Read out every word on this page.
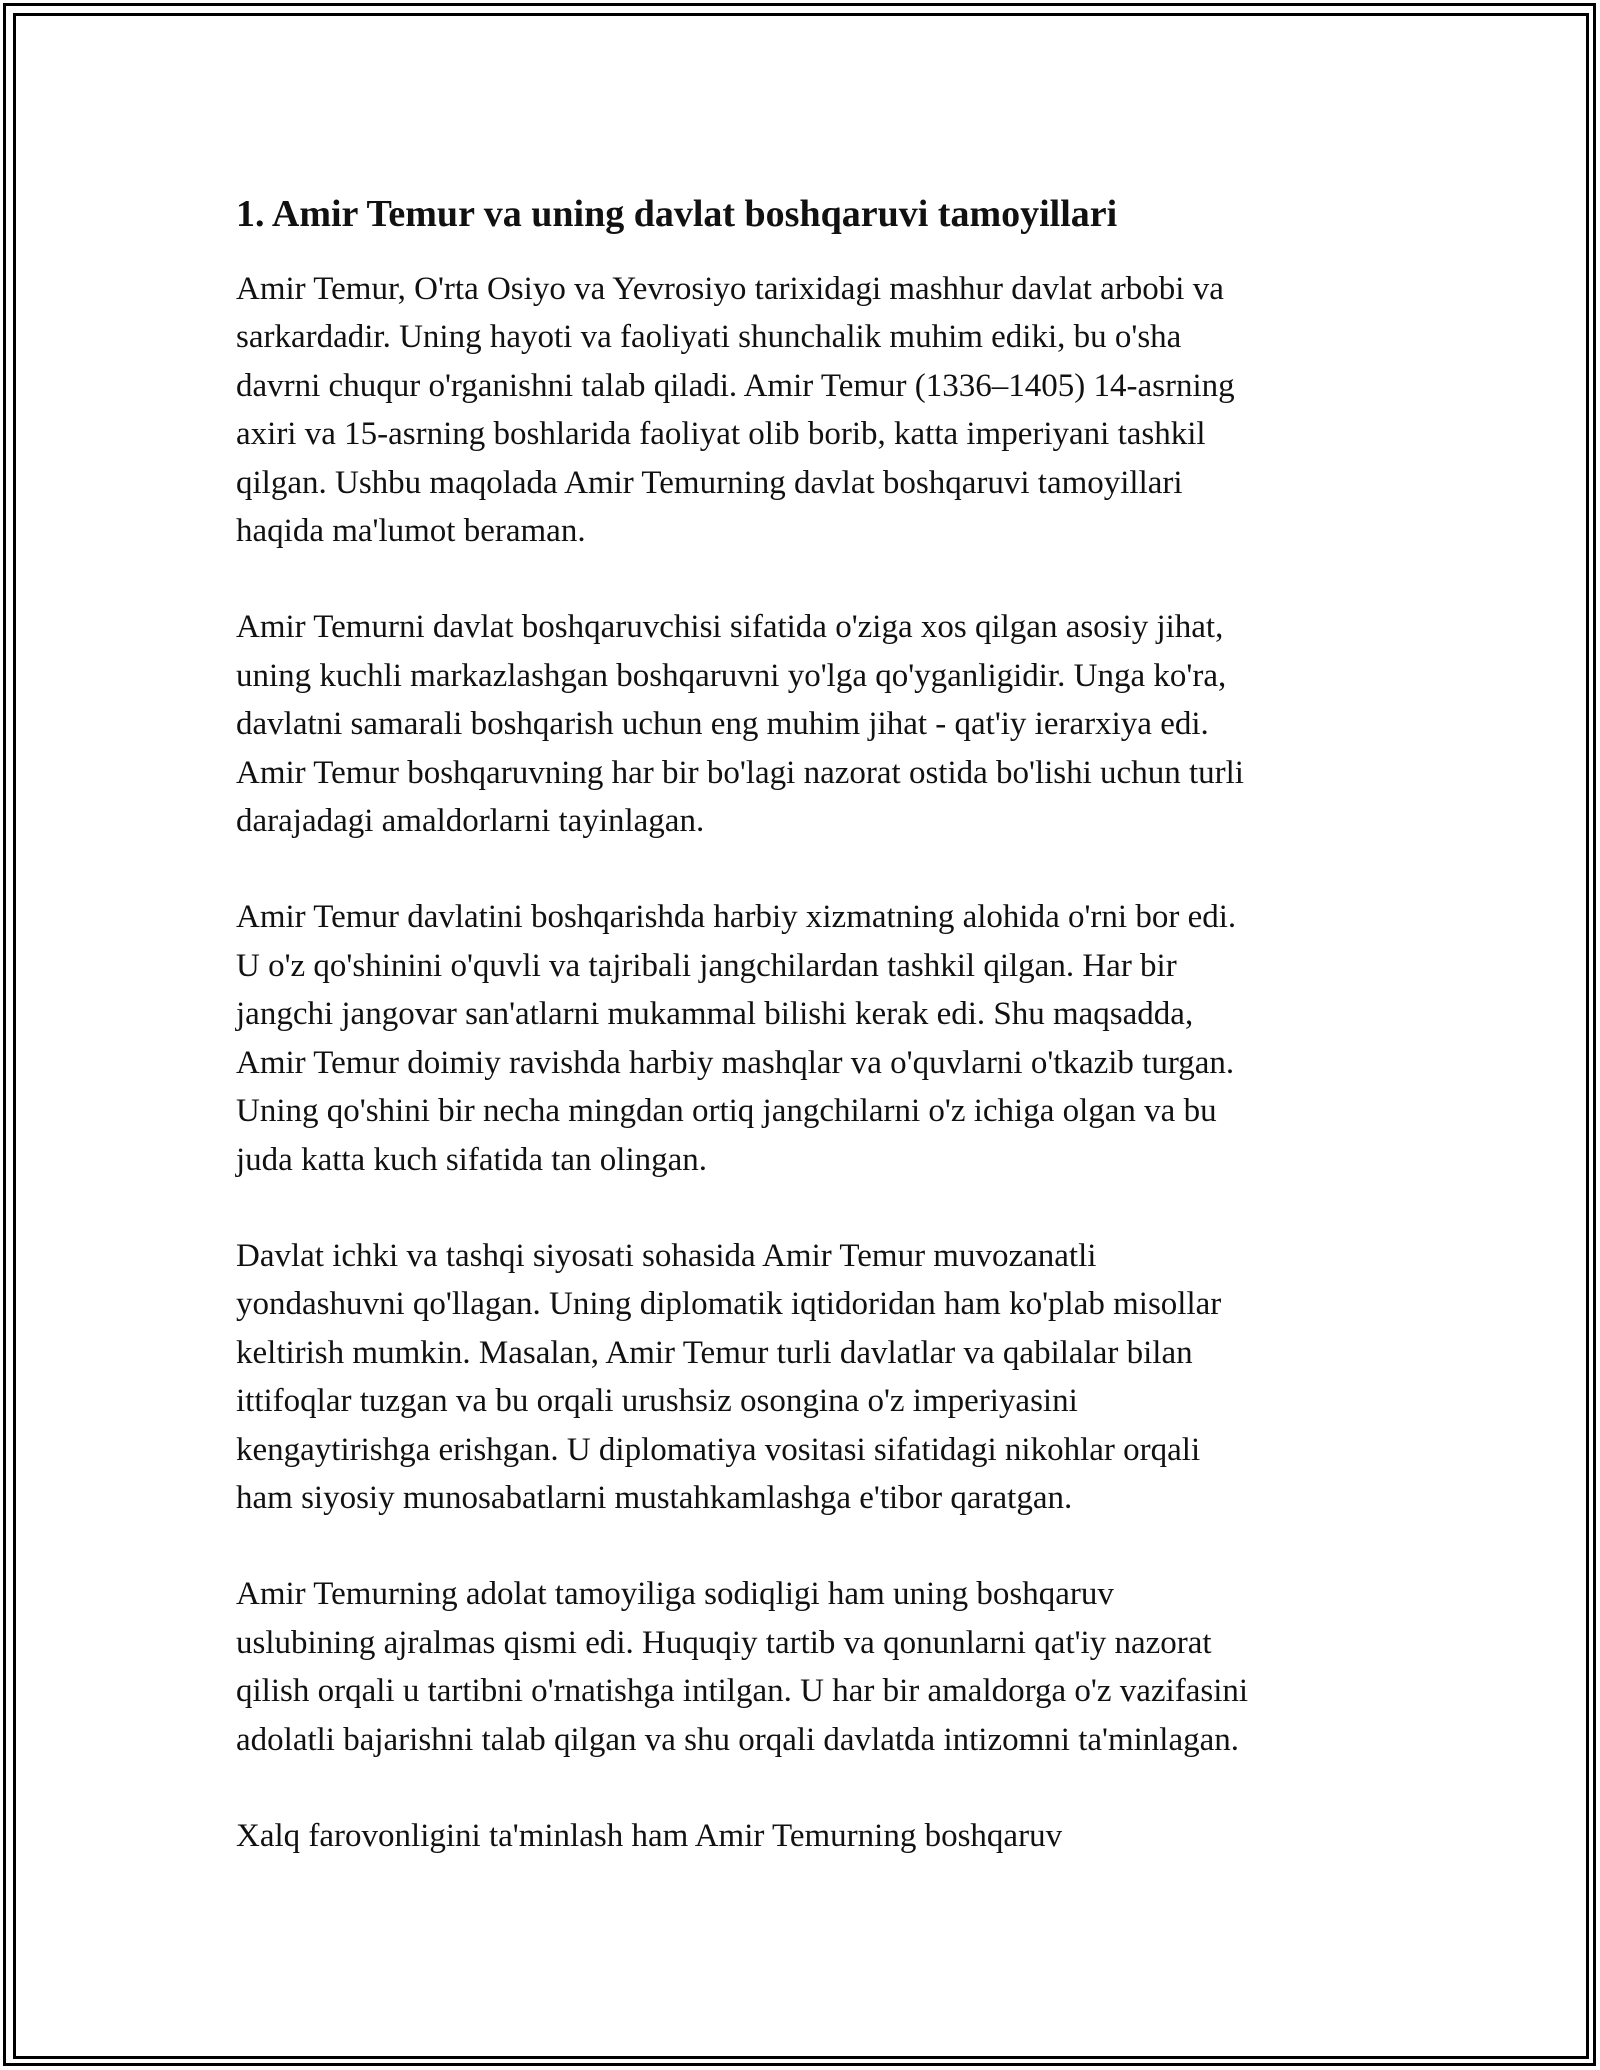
1. Amir Temur va uning davlat boshqaruvi tamoyillari

Amir Temur, O'rta Osiyo va Yevrosiyo tarixidagi mashhur davlat arbobi va
sarkardadir. Uning hayoti va faoliyati shunchalik muhim ediki, bu o'sha
davrni chuqur o'rganishni talab qiladi. Amir Temur (1336–1405) 14-asrning
axiri va 15-asrning boshlarida faoliyat olib borib, katta imperiyani tashkil
qilgan. Ushbu maqolada Amir Temurning davlat boshqaruvi tamoyillari
haqida ma'lumot beraman.

Amir Temurni davlat boshqaruvchisi sifatida o'ziga xos qilgan asosiy jihat,
uning kuchli markazlashgan boshqaruvni yo'lga qo'yganligidir. Unga ko'ra,
davlatni samarali boshqarish uchun eng muhim jihat - qat'iy ierarxiya edi.
Amir Temur boshqaruvning har bir bo'lagi nazorat ostida bo'lishi uchun turli
darajadagi amaldorlarni tayinlagan.

Amir Temur davlatini boshqarishda harbiy xizmatning alohida o'rni bor edi.
U o'z qo'shinini o'quvli va tajribali jangchilardan tashkil qilgan. Har bir
jangchi jangovar san'atlarni mukammal bilishi kerak edi. Shu maqsadda,
Amir Temur doimiy ravishda harbiy mashqlar va o'quvlarni o'tkazib turgan.
Uning qo'shini bir necha mingdan ortiq jangchilarni o'z ichiga olgan va bu
juda katta kuch sifatida tan olingan.

Davlat ichki va tashqi siyosati sohasida Amir Temur muvozanatli
yondashuvni qo'llagan. Uning diplomatik iqtidoridan ham ko'plab misollar
keltirish mumkin. Masalan, Amir Temur turli davlatlar va qabilalar bilan
ittifoqlar tuzgan va bu orqali urushsiz osongina o'z imperiyasini
kengaytirishga erishgan. U diplomatiya vositasi sifatidagi nikohlar orqali
ham siyosiy munosabatlarni mustahkamlashga e'tibor qaratgan.

Amir Temurning adolat tamoyiliga sodiqligi ham uning boshqaruv
uslubining ajralmas qismi edi. Huquqiy tartib va qonunlarni qat'iy nazorat
qilish orqali u tartibni o'rnatishga intilgan. U har bir amaldorga o'z vazifasini
adolatli bajarishni talab qilgan va shu orqali davlatda intizomni ta'minlagan.

Xalq farovonligini ta'minlash ham Amir Temurning boshqaruv
